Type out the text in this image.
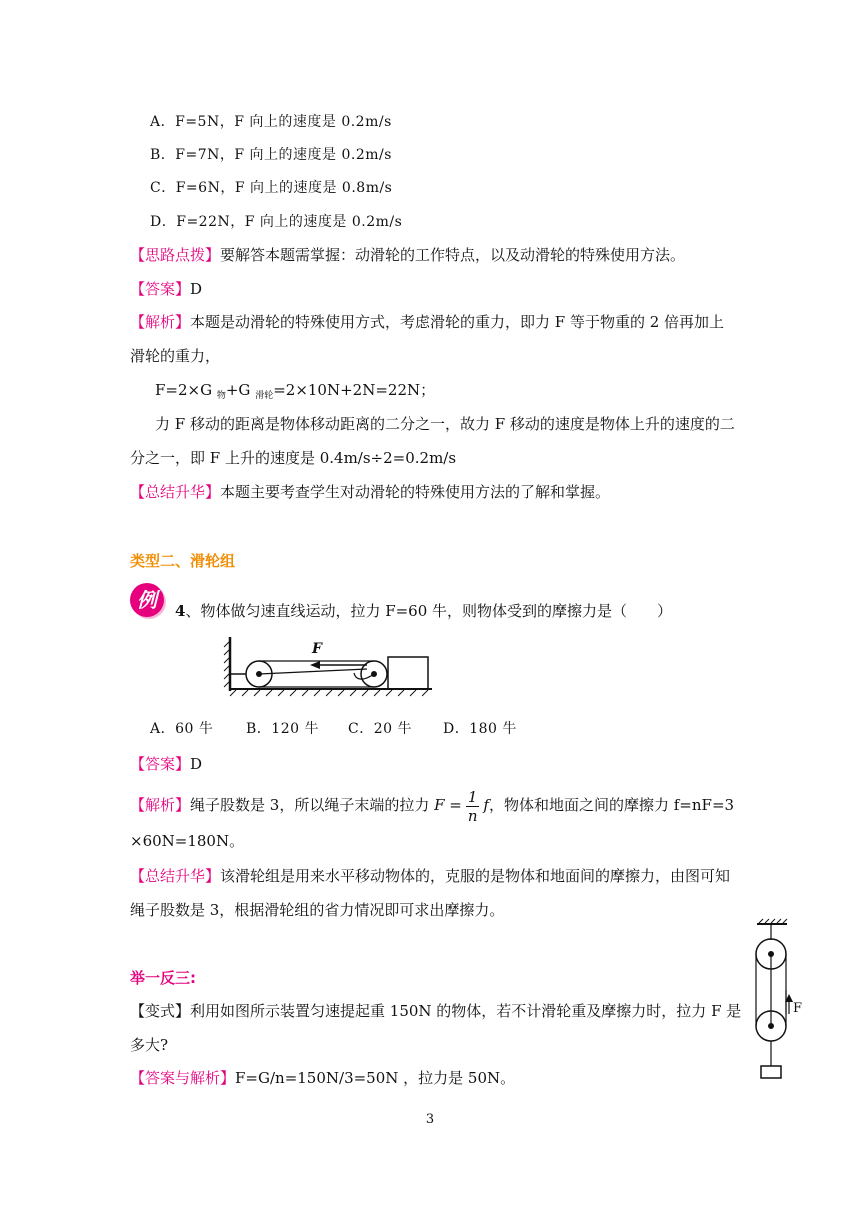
A．F=5N，F 向上的速度是 0.2m/s
B．F=7N，F 向上的速度是 0.2m/s
C．F=6N，F 向上的速度是 0.8m/s
D．F=22N，F 向上的速度是 0.2m/s
【思路点拨】要解答本题需掌握：动滑轮的工作特点，以及动滑轮的特殊使用方法。
【答案】D
【解析】本题是动滑轮的特殊使用方式，考虑滑轮的重力，即力 F 等于物重的 2 倍再加上
滑轮的重力，
F=2×G $_物$+G $_{滑轮}$=2×10N+2N=22N；
力 F 移动的距离是物体移动距离的二分之一，故力 F 移动的速度是物体上升的速度的二
分之一，即 F 上升的速度是 0.4m/s÷2=0.2m/s
【总结升华】本题主要考查学生对动滑轮的特殊使用方法的了解和掌握。
类型二、滑轮组
例	4、物体做匀速直线运动，拉力 F=60 牛，则物体受到的摩擦力是（　　）
F
A．60 牛 B．120 牛 C．20 牛 D．180 牛
【答案】D
【解析】绳子股数是 3，所以绳子末端的拉力 $F = \frac{1}{n}$ f，物体和地面之间的摩擦力 f=nF=3
×60N=180N。
【总结升华】该滑轮组是用来水平移动物体的，克服的是物体和地面间的摩擦力，由图可知
绳子股数是 3，根据滑轮组的省力情况即可求出摩擦力。
举一反三:
【变式】利用如图所示装置匀速提起重 150N 的物体，若不计滑轮重及摩擦力时，拉力 F 是
多大?
【答案与解析】F=G/n=150N/3=50N ，拉力是 50N。
F
3
